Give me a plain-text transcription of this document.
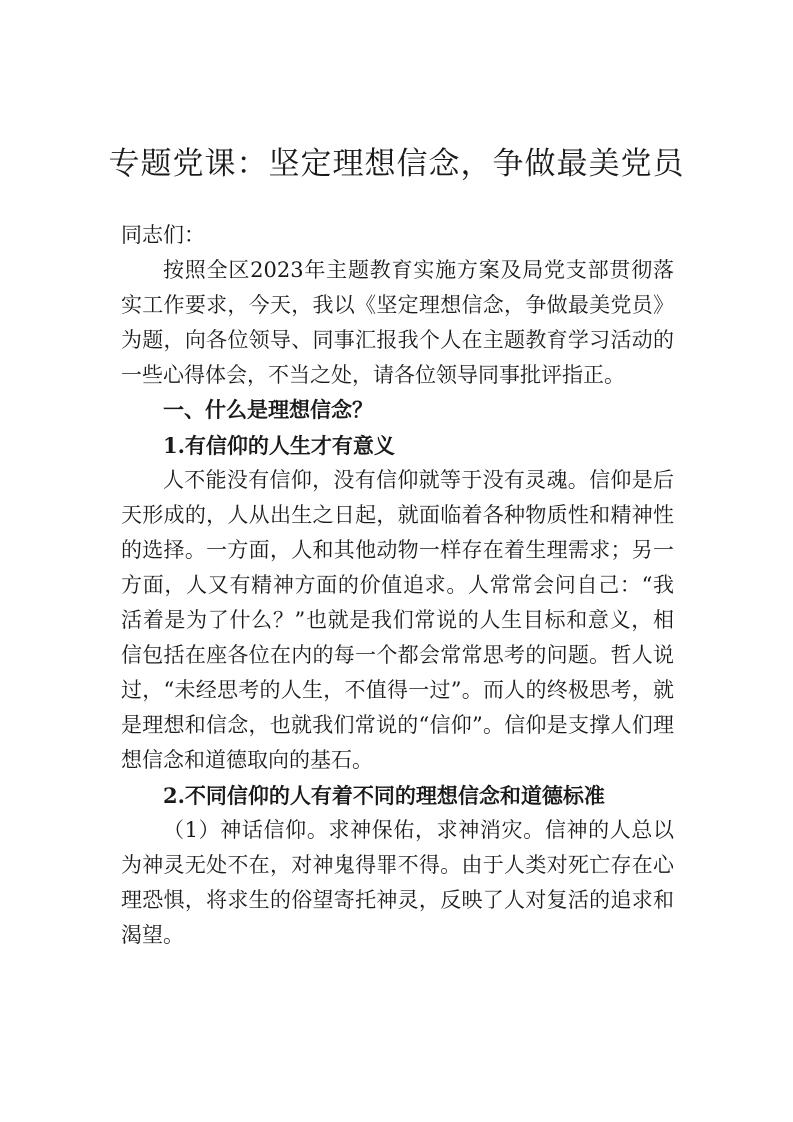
专题党课：坚定理想信念，争做最美党员

同志们：

按照全区2023年主题教育实施方案及局党支部贯彻落实工作要求，今天，我以《坚定理想信念，争做最美党员》为题，向各位领导、同事汇报我个人在主题教育学习活动的一些心得体会，不当之处，请各位领导同事批评指正。

一、什么是理想信念？

1.有信仰的人生才有意义

人不能没有信仰，没有信仰就等于没有灵魂。信仰是后天形成的，人从出生之日起，就面临着各种物质性和精神性的选择。一方面，人和其他动物一样存在着生理需求；另一方面，人又有精神方面的价值追求。人常常会问自己：“我活着是为了什么？”也就是我们常说的人生目标和意义，相信包括在座各位在内的每一个都会常常思考的问题。哲人说过，“未经思考的人生，不值得一过”。而人的终极思考，就是理想和信念，也就我们常说的“信仰”。信仰是支撑人们理想信念和道德取向的基石。

2.不同信仰的人有着不同的理想信念和道德标准

（1）神话信仰。求神保佑，求神消灾。信神的人总以为神灵无处不在，对神鬼得罪不得。由于人类对死亡存在心理恐惧，将求生的俗望寄托神灵，反映了人对复活的追求和渴望。
